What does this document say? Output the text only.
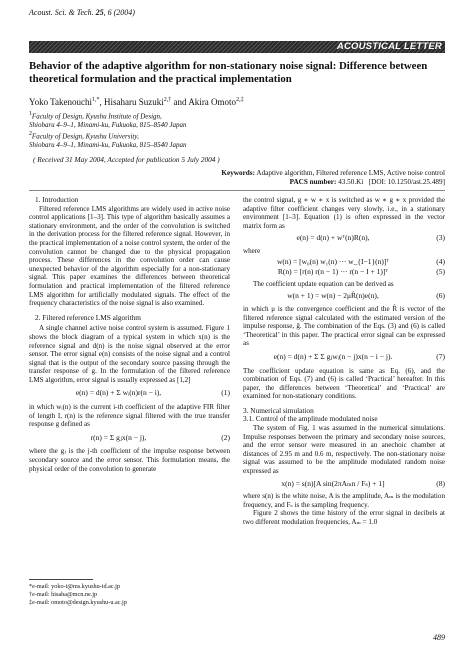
Acoust. Sci. & Tech. 25, 6 (2004)
ACOUSTICAL LETTER
Behavior of the adaptive algorithm for non-stationary noise signal: Difference between theoretical formulation and the practical implementation
Yoko Takenouchi$^{1,*}$, Hisaharu Suzuki$^{2,\dagger}$ and Akira Omoto$^{2,\ddagger}$
$^1$Faculty of Design, Kyushu Institute of Design,
Shiobaru 4–9–1, Minami-ku, Fukuoka, 815–8540 Japan
$^2$Faculty of Design, Kyushu University,
Shiobaru 4–9–1, Minami-ku, Fukuoka, 815–8540 Japan
( Received 31 May 2004, Accepted for publication 5 July 2004 )
Keywords: Adaptive algorithm, Filtered reference LMS, Active noise control
PACS number: 43.50.Ki [DOI: 10.1250/ast.25.489]

1. Introduction

Filtered reference LMS algorithms are widely used in active noise control applications [1–3]. This type of algorithm basically assumes a stationary environment, and the order of the convolution is switched in the derivation process for the filtered reference signal. However, in the practical implementation of a noise control system, the order of the convolution cannot be changed due to the physical propagation process. These differences in the convolution order can cause unexpected behavior of the algorithm especially for a non-stationary signal. This paper examines the differences between theoretical formulation and practical implementation of the filtered reference LMS algorithm for artificially modulated signals. The effect of the frequency characteristics of the noise signal is also examined.

2. Filtered reference LMS algorithm

A single channel active noise control system is assumed. Figure 1 shows the block diagram of a typical system in which x(n) is the reference signal and d(n) is the noise signal observed at the error sensor. The error signal e(n) consists of the noise signal and a control signal that is the output of the secondary source passing through the transfer response of g. In the formulation of the filtered reference LMS algorithm, error signal is usually expressed as [1,2]

e(n) = d(n) + Σ wᵢ(n)r(n − i),	(1)

in which wᵢ(n) is the current i-th coefficient of the adaptive FIR filter of length I, r(n) is the reference signal filtered with the true transfer response g defined as

r(n) = Σ gⱼx(n − j),	(2)

where the gⱼ is the j-th coefficient of the impulse response between secondary source and the error sensor. This formulation means, the physical order of the convolution to generate

the control signal, g ∗ w ∗ x is switched as w ∗ g ∗ x provided the adaptive filter coefficient changes very slowly, i.e., in a stationary environment [1–3]. Equation (1) is often expressed in the vector matrix form as

e(n) = d(n) + wᵀ(n)R(n),	(3)

where

w(n) = [w₀(n) w₁(n) ··· w_{I−1}(n)]ᵀ	(4)
R(n) = [r(n) r(n − 1) ··· r(n − I + 1)]ᵀ	(5)

The coefficient update equation can be derived as

w(n + 1) = w(n) − 2μR̂(n)e(n),	(6)

in which μ is the convergence coefficient and the R̂ is vector of the filtered reference signal calculated with the estimated version of the impulse response, ĝ. The combination of the Eqs. (3) and (6) is called ‘Theoretical’ in this paper. The practical error signal can be expressed as

e(n) = d(n) + Σ Σ gⱼwᵢ(n − j)x(n − i − j).	(7)

The coefficient update equation is same as Eq. (6), and the combination of Eqs. (7) and (6) is called ‘Practical’ hereafter. In this paper, the differences between ‘Theoretical’ and ‘Practical’ are examined for non-stationary conditions.

3. Numerical simulation

3.1. Control of the amplitude modulated noise

The system of Fig. 1 was assumed in the numerical simulations. Impulse responses between the primary and secondary noise sources, and the error sensor were measured in an anechoic chamber at distances of 2.95 m and 0.6 m, respectively. The non-stationary noise signal was assumed to be the amplitude modulated random noise expressed as

x(n) = s(n)[A sin(2πAₘn / Fₛ) + 1]	(8)

where s(n) is the white noise, A is the amplitude, Aₘ is the modulation frequency, and Fₛ is the sampling frequency.

Figure 2 shows the time history of the error signal in decibels at two different modulation frequencies, Aₘ = 1.0

*e-mail: yoko-t@ms.kyushu-id.ac.jp
†e-mail: hisaha@mcn.ne.jp
‡e-mail: omoto@design.kyushu-u.ac.jp
489
